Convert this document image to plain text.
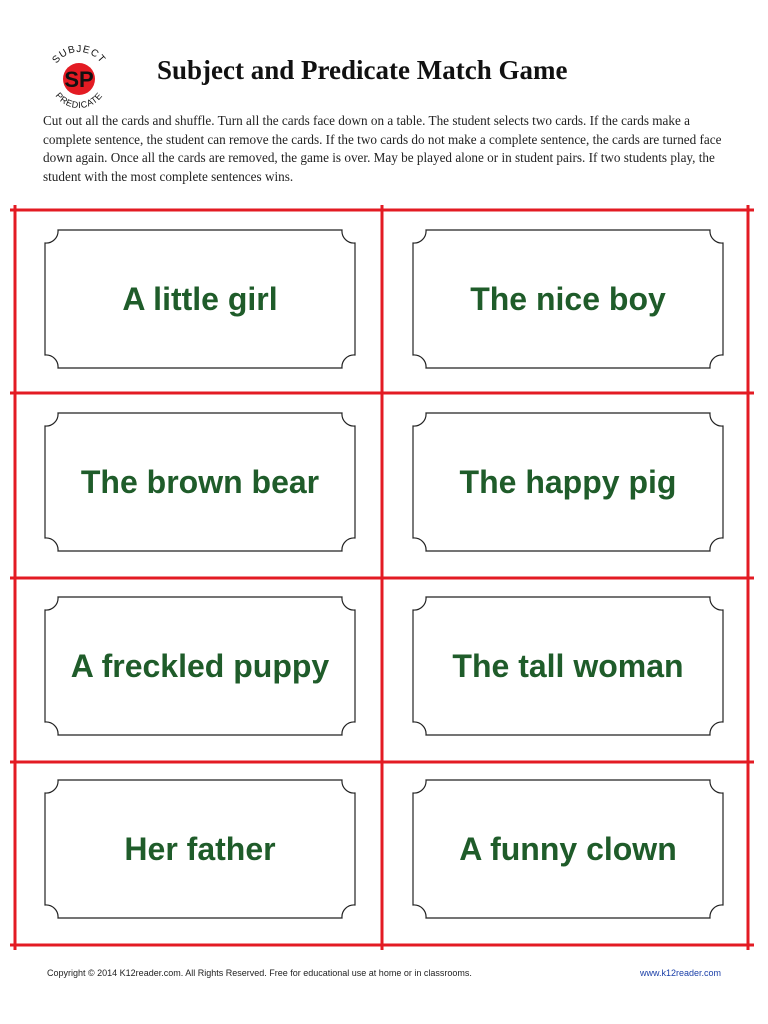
SUBJECT
PREDICATE
SP Subject and Predicate Match Game
Cut out all the cards and shuffle. Turn all the cards face down on a table. The student selects two cards. If the cards make a complete sentence, the student can remove the cards. If the two cards do not make a complete sentence, the cards are turned face down again. Once all the cards are removed, the game is over. May be played alone or in student pairs. If two students play, the student with the most complete sentences wins.
A little girl	The nice boy
The brown bear	The happy pig
A freckled puppy	The tall woman
Her father	A funny clown
Copyright © 2014 K12reader.com. All Rights Reserved. Free for educational use at home or in classrooms.	www.k12reader.com
